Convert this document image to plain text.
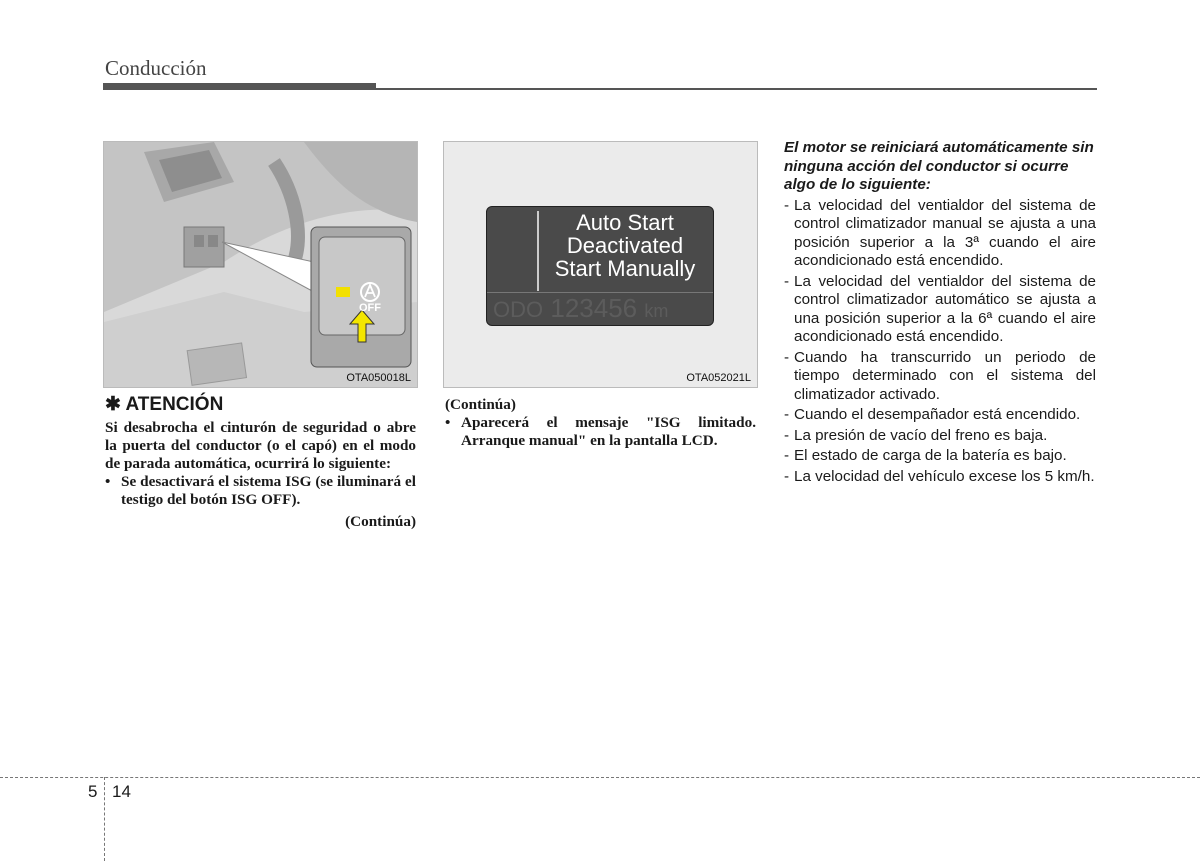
Conducción
OFF
OTA050018L
Auto Start
Deactivated
Start Manually
ODO 123456 km
OTA052021L
✱ ATENCIÓN
Si desabrocha el cinturón de seguridad o abre la puerta del conductor (o el capó) en el modo de parada automática, ocurrirá lo siguiente:
• Se desactivará el sistema ISG (se iluminará el testigo del botón ISG OFF).
(Continúa)
(Continúa)
• Aparecerá el mensaje "ISG limitado. Arranque manual" en la pantalla LCD.
El motor se reiniciará automáticamente sin ninguna acción del conductor si ocurre algo de lo siguiente:
- La velocidad del ventialdor del sistema de control climatizador manual se ajusta a una posición superior a la 3ª cuando el aire acondicionado está encendido.
- La velocidad del ventialdor del sistema de control climatizador automático se ajusta a una posición superior a la 6ª cuando el aire acondicionado está encendido.
- Cuando ha transcurrido un periodo de tiempo determinado con el sistema del climatizador activado.
- Cuando el desempañador está encendido.
- La presión de vacío del freno es baja.
- El estado de carga de la batería es bajo.
- La velocidad del vehículo excese los 5 km/h.
5 14
